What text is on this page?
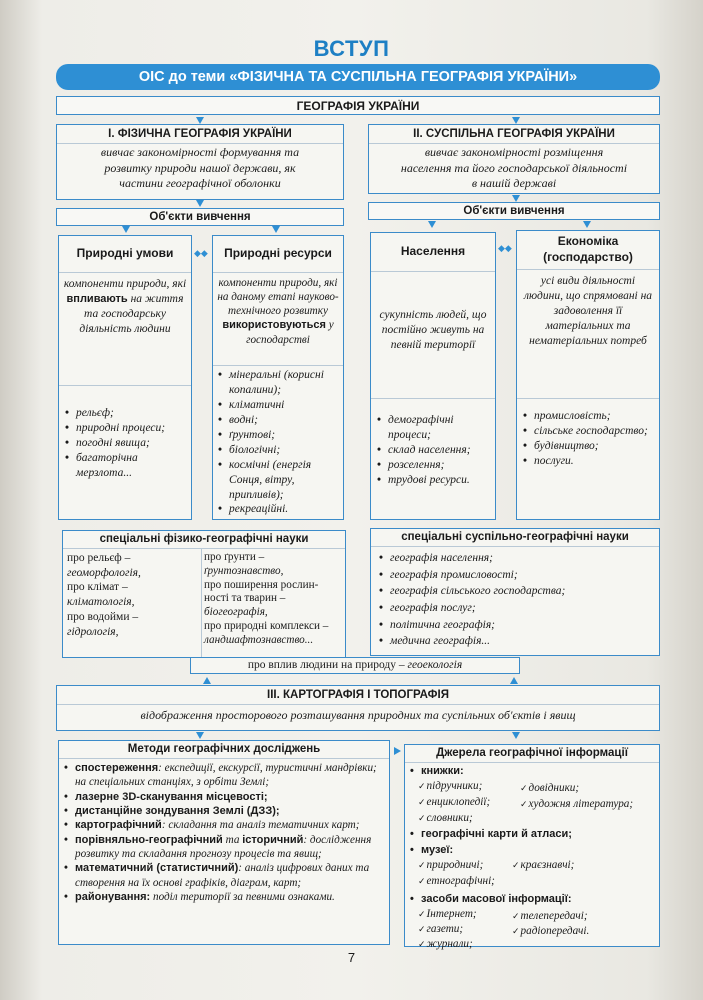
ВСТУП
ОІС до теми «ФІЗИЧНА ТА СУСПІЛЬНА ГЕОГРАФІЯ УКРАЇНИ»
ГЕОГРАФІЯ УКРАЇНИ
I. ФІЗИЧНА ГЕОГРАФІЯ УКРАЇНИ
вивчає закономірності формування та розвитку природи нашої держави, як частини географічної оболонки
II. СУСПІЛЬНА ГЕОГРАФІЯ УКРАЇНИ
вивчає закономірності розміщення населення та його господарської діяльності в нашій державі
Об'єкти вивчення	Об'єкти вивчення
Природні умови
компоненти природи, які впливають на життя та господарську діяльність людини
• рельєф;
• природні процеси;
• погодні явища;
• багаторічна мерзлота...
◆◆	Природні ресурси
компоненти природи, які на даному етапі науково-технічного розвитку використовуються у господарстві
• мінеральні (корисні копалини);
• кліматичні
• водні;
• ґрунтові;
• біологічні;
• космічні (енергія Сонця, вітру, припливів);
• рекреаційні.
Населення
сукупність людей, що постійно живуть на певній території
• демографічні процеси;
• склад населення;
• розселення;
• трудові ресурси.
◆◆
Економіка (господарство)
усі види діяльності людини, що спрямовані на задоволення її матеріальних та нематеріальних потреб
• промисловість;
• сільське господарство;
• будівництво;
• послуги.
спеціальні фізико-географічні науки
про рельєф –
геоморфологія,
про клімат –
кліматологія,
про водойми –
гідрологія,
про ґрунти –
ґрунтознавство,
про поширення рослин-
ності та тварин –
біогеографія,
про природні комплекси –
ландшафтознавство...
спеціальні суспільно-географічні науки
• географія населення;
• географія промисловості;
• географія сільського господарства;
• географія послуг;
• політична географія;
• медична географія...
про вплив людини на природу – геоекологія
III. КАРТОГРАФІЯ І ТОПОГРАФІЯ
відображення просторового розташування природних та суспільних об'єктів і явищ
Методи географічних досліджень
• спостереження: експедиції, екскурсії, туристичні мандрівки; на спеціальних станціях, з орбіти Землі;
• лазерне 3D-сканування місцевості;
• дистанційне зондування Землі (ДЗЗ);
• картографічний: складання та аналіз тематичних карт;
• порівняльно-географічний та історичний: дослідження розвитку та складання прогнозу процесів та явищ;
• математичний (статистичний): аналіз цифрових даних та створення на їх основі графіків, діаграм, карт;
• районування: поділ території за певними ознаками.
Джерела географічної інформації
• книжки:
✓ підручники;	✓ довідники;
✓ енциклопедії;	✓ художня література;
✓ словники;
• географічні карти й атласи;
• музеї:
✓ природничі;	✓ краєзнавчі;
✓ етнографічні;
• засоби масової інформації:
✓ Інтернет;	✓ телепередачі;
✓ газети;	✓ радіопередачі.
✓ журнали;
7
